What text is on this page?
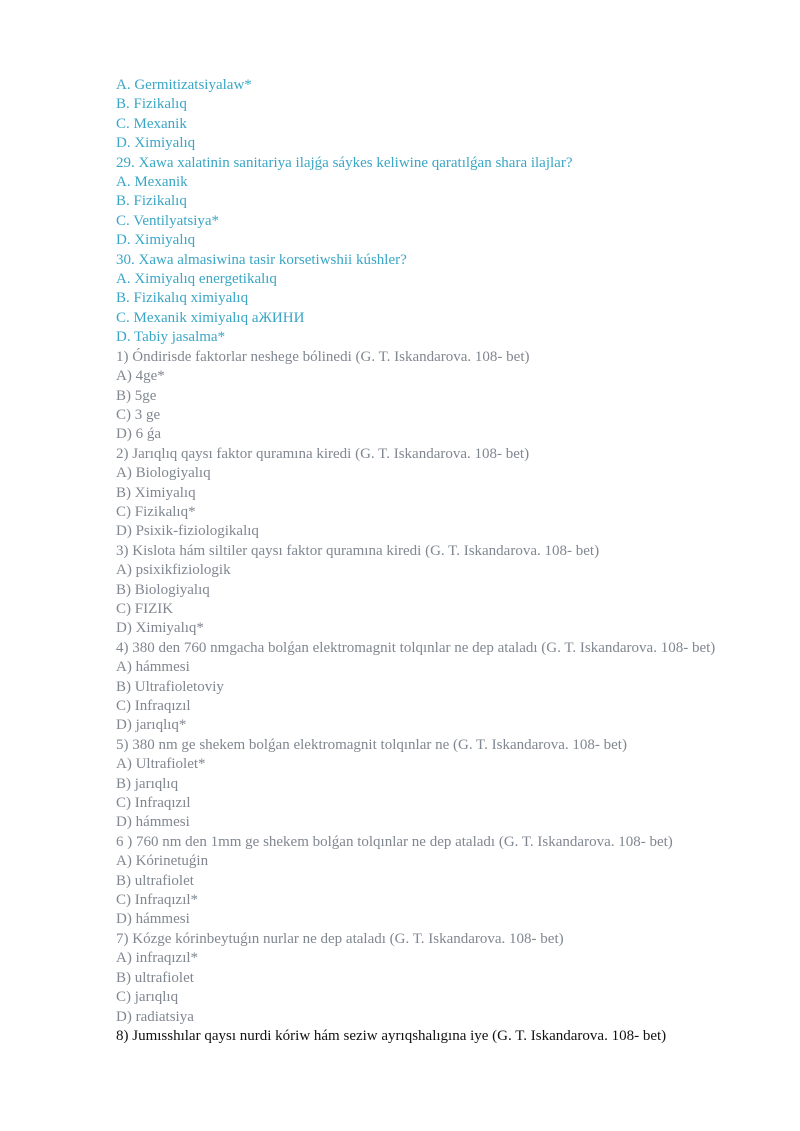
A. Germitizatsiyalaw*
B. Fizikalıq
C. Mexanik
D. Ximiyalıq
29. Xawa xalatinin sanitariya ilajǵa sáykes keliwine qaratılǵan shara ilajlar?
A. Mexanik
B. Fizikalıq
C. Ventilyatsiya*
D. Ximiyalıq
30. Xawa almasiwina tasir korsetiwshii kúshler?
A. Ximiyalıq energetikalıq
B. Fizikalıq ximiyalıq
C. Mexanik ximiyalıq аЖИНИ
D. Tabiy jasalma*
1) Óndirisde faktorlar neshege bólinedi (G. T. Iskandarova. 108- bet)
A) 4ge*
B) 5ge
C) 3 ge
D) 6 ǵa
2) Jarıqlıq qaysı faktor quramına kiredi (G. T. Iskandarova. 108- bet)
A) Biologiyalıq
B) Ximiyalıq
C) Fizikalıq*
D) Psixik-fiziologikalıq
3) Kislota hám siltiler qaysı faktor quramına kiredi (G. T. Iskandarova. 108- bet)
A) psixikfiziologik
B) Biologiyalıq
C) FIZIK
D) Ximiyalıq*
4) 380 den 760 nmgacha bolǵan elektromagnit tolqınlar ne dep ataladı (G. T. Iskandarova. 108- bet)
A) hámmesi
B) Ultrafioletoviy
C) Infraqızıl
D) jarıqlıq*
5) 380 nm ge shekem bolǵan elektromagnit tolqınlar ne (G. T. Iskandarova. 108- bet)
A) Ultrafiolet*
B) jarıqlıq
C) Infraqızıl
D) hámmesi
6 ) 760 nm den 1mm ge shekem bolǵan tolqınlar ne dep ataladı (G. T. Iskandarova. 108- bet)
A) Kórinetuǵin
B) ultrafiolet
C) Infraqızıl*
D) hámmesi
7) Kózge kórinbeytuǵın nurlar ne dep ataladı (G. T. Iskandarova. 108- bet)
A) infraqızıl*
B) ultrafiolet
C) jarıqlıq
D) radiatsiya
8) Jumısshılar qaysı nurdi kóriw hám seziw ayrıqshalıgına iye (G. T. Iskandarova. 108- bet)
